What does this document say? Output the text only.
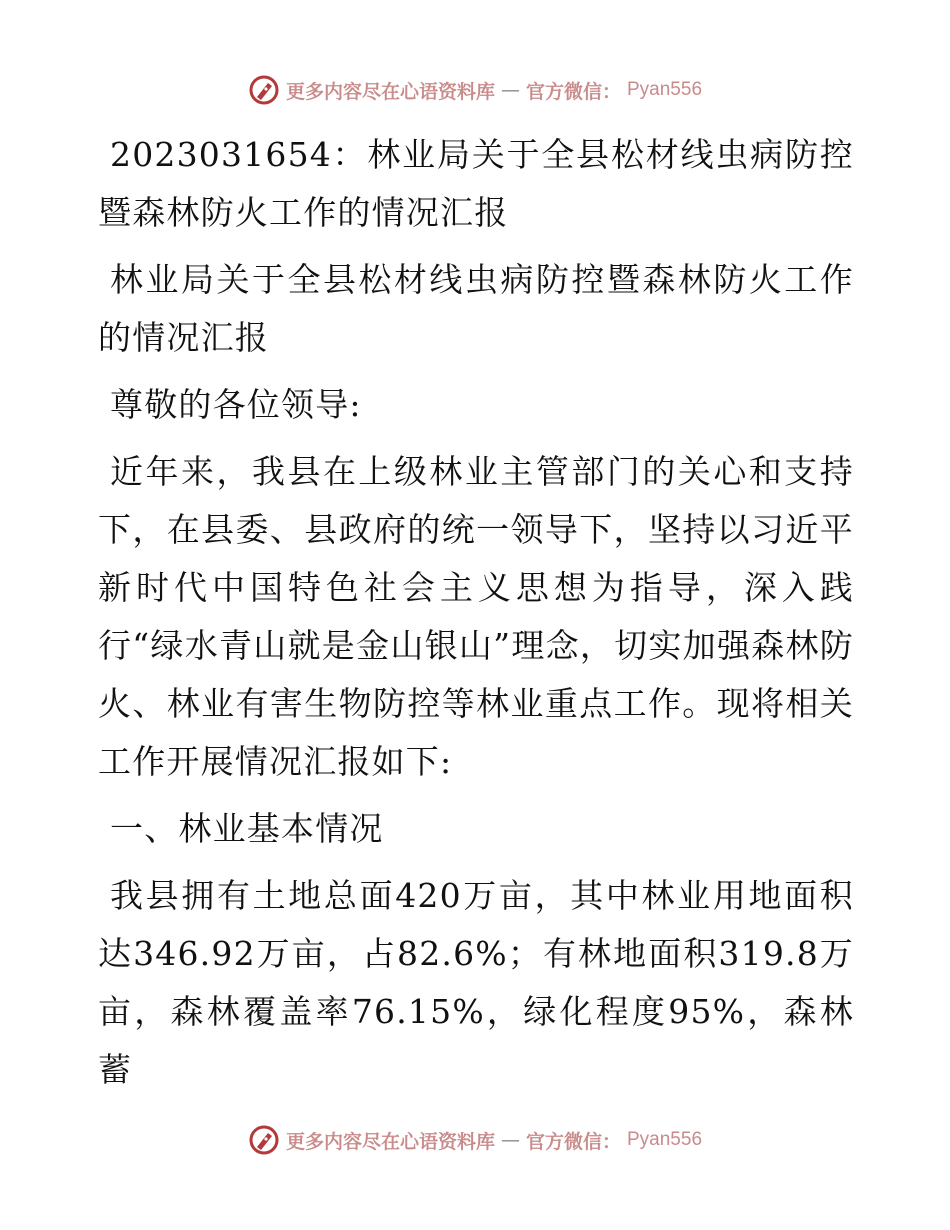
更多内容尽在心语资料库 — 官方微信： Pyan556

2023031654：林业局关于全县松材线虫病防控暨森林防火工作的情况汇报

林业局关于全县松材线虫病防控暨森林防火工作的情况汇报

尊敬的各位领导:

近年来，我县在上级林业主管部门的关心和支持下，在县委、县政府的统一领导下，坚持以习近平新时代中国特色社会主义思想为指导，深入践行“绿水青山就是金山银山”理念，切实加强森林防火、林业有害生物防控等林业重点工作。现将相关工作开展情况汇报如下:

一、林业基本情况

我县拥有土地总面420万亩，其中林业用地面积达346.92万亩，占82.6%；有林地面积319.8万亩，森林覆盖率76.15%，绿化程度95%，森林蓄

更多内容尽在心语资料库 — 官方微信： Pyan556
